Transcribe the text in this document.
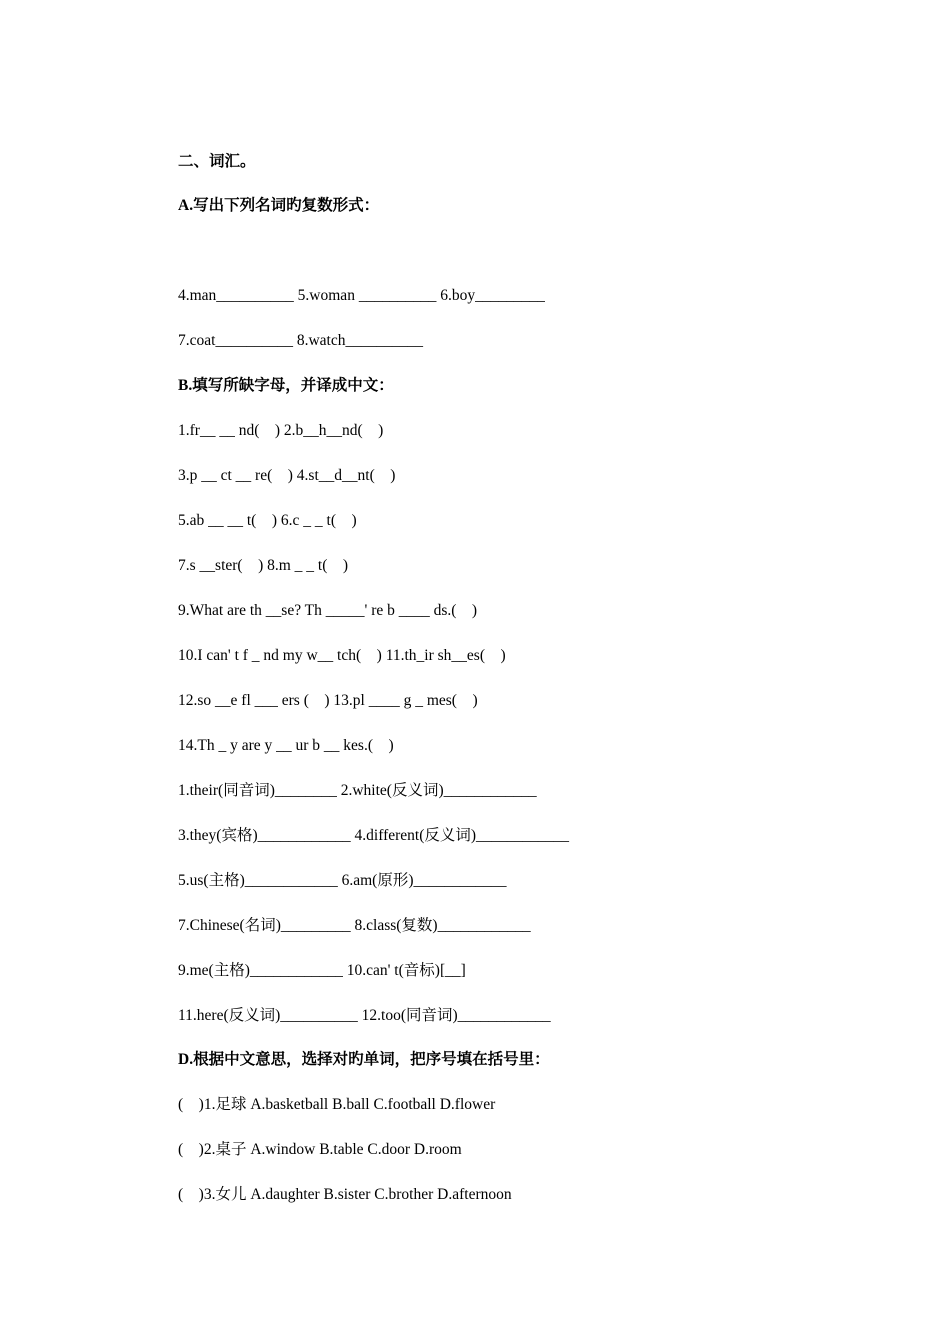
二、词汇。
A.写出下列名词旳复数形式：
4.man__________ 5.woman __________ 6.boy_________
7.coat__________ 8.watch__________
B.填写所缺字母，并译成中文：
1.fr__ __ nd(    ) 2.b__h__nd(    )
3.p __ ct __ re(    ) 4.st__d__nt(    )
5.ab __ __ t(    ) 6.c _ _ t(    )
7.s __ster(    ) 8.m _ _ t(    )
9.What are th __se? Th _____' re b ____ ds.(    )
10.I can' t f _ nd my w__ tch(    ) 11.th_ir sh__es(    )
12.so __e fl ___ ers (    ) 13.pl ____ g _ mes(    )
14.Th _ y are y __ ur b __ kes.(    )
1.their(同音词)________ 2.white(反义词)____________
3.they(宾格)____________ 4.different(反义词)____________
5.us(主格)____________ 6.am(原形)____________
7.Chinese(名词)_________ 8.class(复数)____________
9.me(主格)____________ 10.can' t(音标)[__]
11.here(反义词)__________ 12.too(同音词)____________
D.根据中文意思，选择对旳单词，把序号填在括号里：
(    )1.足球 A.basketball B.ball C.football D.flower
(    )2.桌子 A.window B.table C.door D.room
(    )3.女儿 A.daughter B.sister C.brother D.afternoon
